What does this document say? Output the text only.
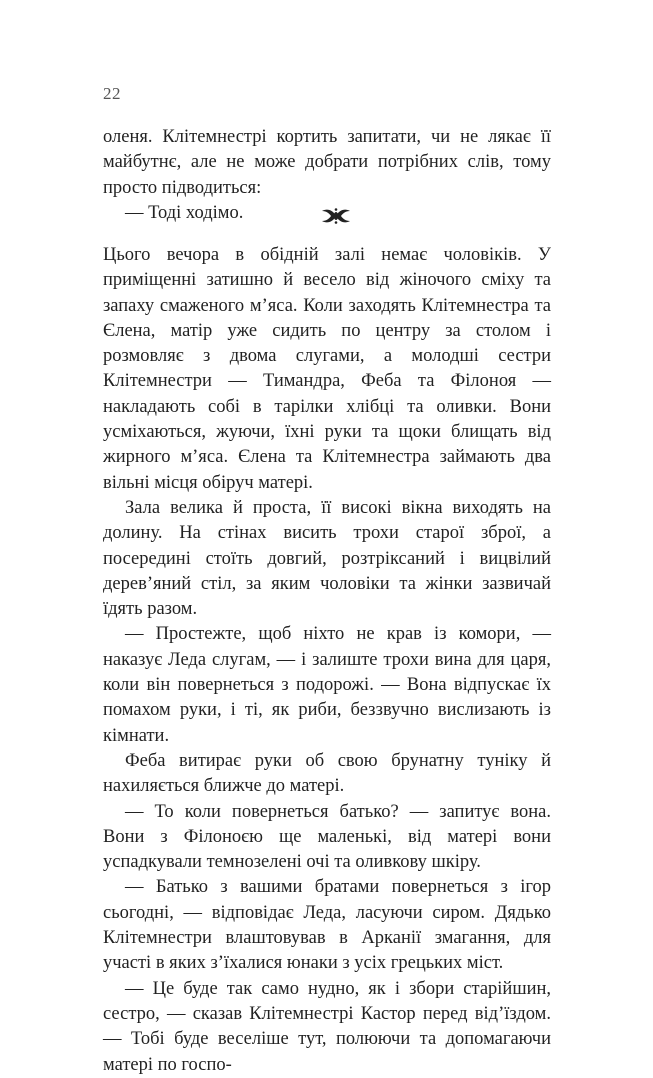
22

оленя. Клітемнестрі кортить запитати, чи не лякає її майбутнє, але не може добрати потрібних слів, тому просто підводиться:

— Тоді ходімо.

Цього вечора в обідній залі немає чоловіків. У приміщенні затишно й весело від жіночого сміху та запаху смаженого м’яса. Коли заходять Клітемнестра та Єлена, матір уже сидить по центру за столом і розмовляє з двома слугами, а молодші сестри Клітемнестри — Тимандра, Феба та Філоноя — накладають собі в тарілки хлібці та оливки. Вони усміхаються, жуючи, їхні руки та щоки блищать від жирного м’яса. Єлена та Клітемнестра займають два вільні місця обіруч матері.

Зала велика й проста, її високі вікна виходять на долину. На стінах висить трохи старої зброї, а посередині стоїть довгий, розтріксаний і вицвілий дерев’яний стіл, за яким чоловіки та жінки зазвичай їдять разом.

— Простежте, щоб ніхто не крав із комори, — наказує Леда слугам, — і залиште трохи вина для царя, коли він повернеться з подорожі. — Вона відпускає їх помахом руки, і ті, як риби, беззвучно вислизають із кімнати.

Феба витирає руки об свою брунатну туніку й нахиляється ближче до матері.

— То коли повернеться батько? — запитує вона. Вони з Філоноєю ще маленькі, від матері вони успадкували темнозелені очі та оливкову шкіру.

— Батько з вашими братами повернеться з ігор сьогодні, — відповідає Леда, ласуючи сиром. Дядько Клітемнестри влаштовував в Арканії змагання, для участі в яких з’їхалися юнаки з усіх грецьких міст.

— Це буде так само нудно, як і збори старійшин, сестро, — сказав Клітемнестрі Кастор перед від’їздом. — Тобі буде веселіше тут, полюючи та допомагаючи матері по госпо-
